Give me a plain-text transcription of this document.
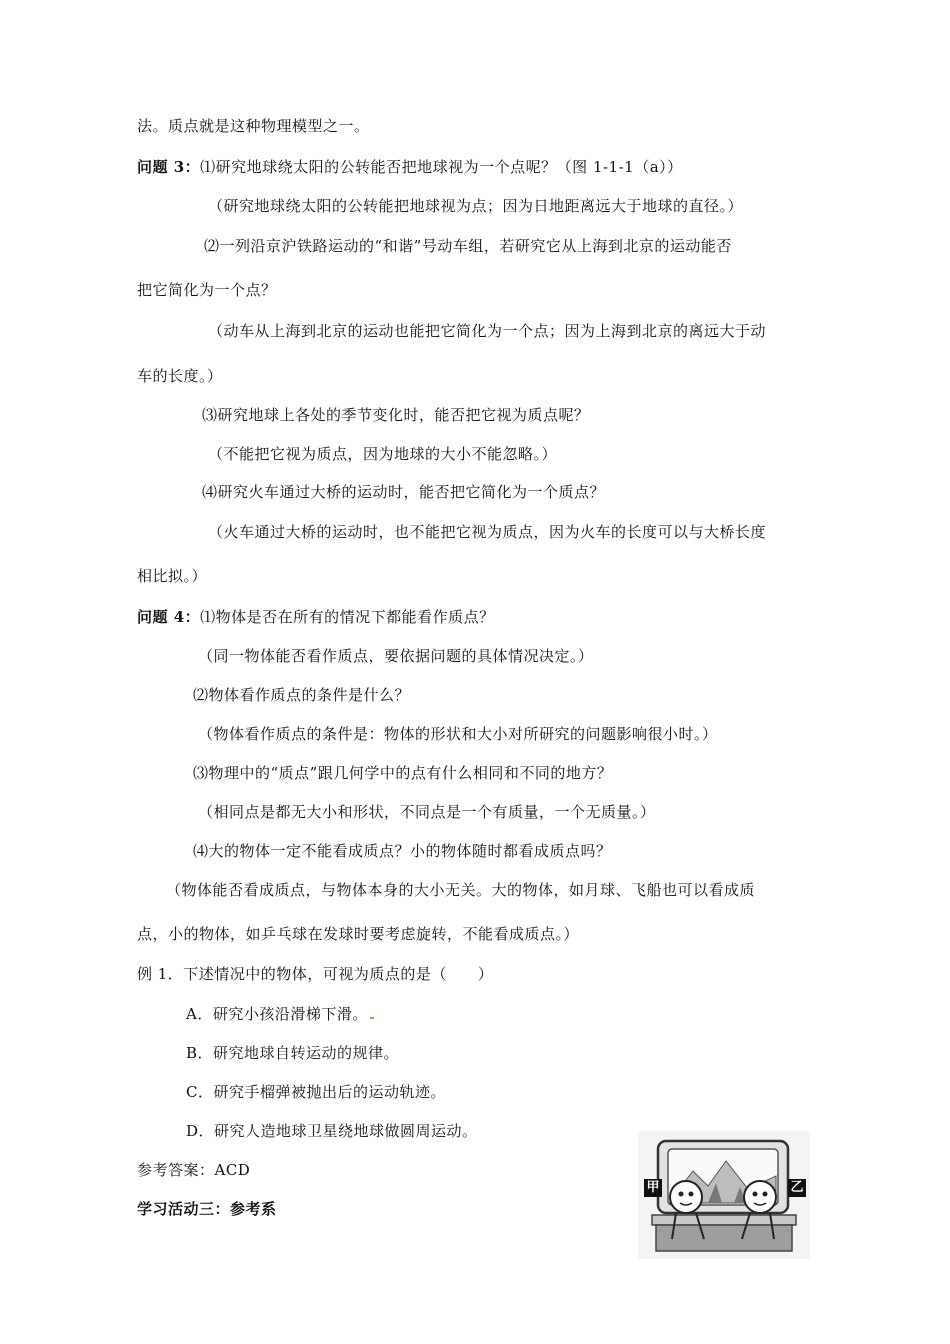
法。质点就是这种物理模型之一。
问题 3：⑴研究地球绕太阳的公转能否把地球视为一个点呢？（图 1-1-1（a））
（研究地球绕太阳的公转能把地球视为点；因为日地距离远大于地球的直径。）
⑵一列沿京沪铁路运动的“和谐”号动车组，若研究它从上海到北京的运动能否
把它简化为一个点？
（动车从上海到北京的运动也能把它简化为一个点；因为上海到北京的离远大于动
车的长度。）
⑶研究地球上各处的季节变化时，能否把它视为质点呢？
（不能把它视为质点，因为地球的大小不能忽略。）
⑷研究火车通过大桥的运动时，能否把它简化为一个质点？
（火车通过大桥的运动时，也不能把它视为质点，因为火车的长度可以与大桥长度
相比拟。）
问题 4：⑴物体是否在所有的情况下都能看作质点？
（同一物体能否看作质点，要依据问题的具体情况决定。）
⑵物体看作质点的条件是什么？
（物体看作质点的条件是：物体的形状和大小对所研究的问题影响很小时。）
⑶物理中的“质点”跟几何学中的点有什么相同和不同的地方？
（相同点是都无大小和形状，不同点是一个有质量，一个无质量。）
⑷大的物体一定不能看成质点？小的物体随时都看成质点吗？
（物体能否看成质点，与物体本身的大小无关。大的物体，如月球、飞船也可以看成质
点，小的物体，如乒乓球在发球时要考虑旋转，不能看成质点。）
例 1．下述情况中的物体，可视为质点的是（　　）
A．研究小孩沿滑梯下滑。
B．研究地球自转运动的规律。
C．研究手榴弹被抛出后的运动轨迹。
D．研究人造地球卫星绕地球做圆周运动。
参考答案：ACD
学习活动三：参考系
甲	乙
